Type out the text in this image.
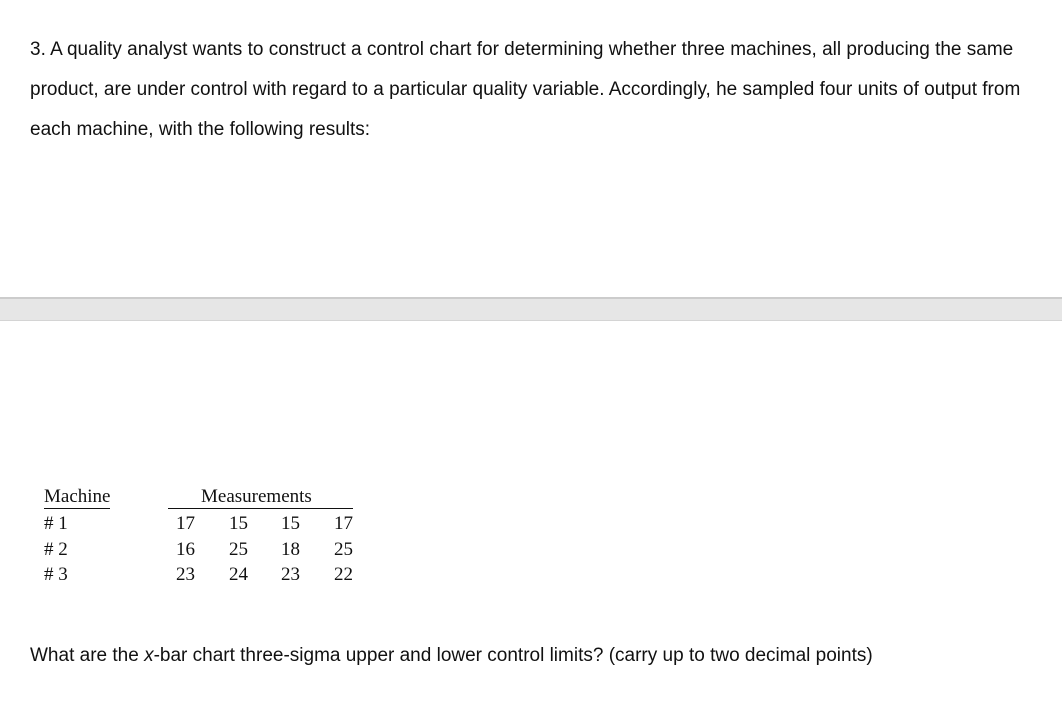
3. A quality analyst wants to construct a control chart for determining whether three machines, all producing the same product, are under control with regard to a particular quality variable. Accordingly, he sampled four units of output from each machine, with the following results:

Machine	Measurements

# 1	17	15	15	17
# 2	16	25	18	25
# 3	23	24	23	22

What are the x-bar chart three-sigma upper and lower control limits? (carry up to two decimal points)
